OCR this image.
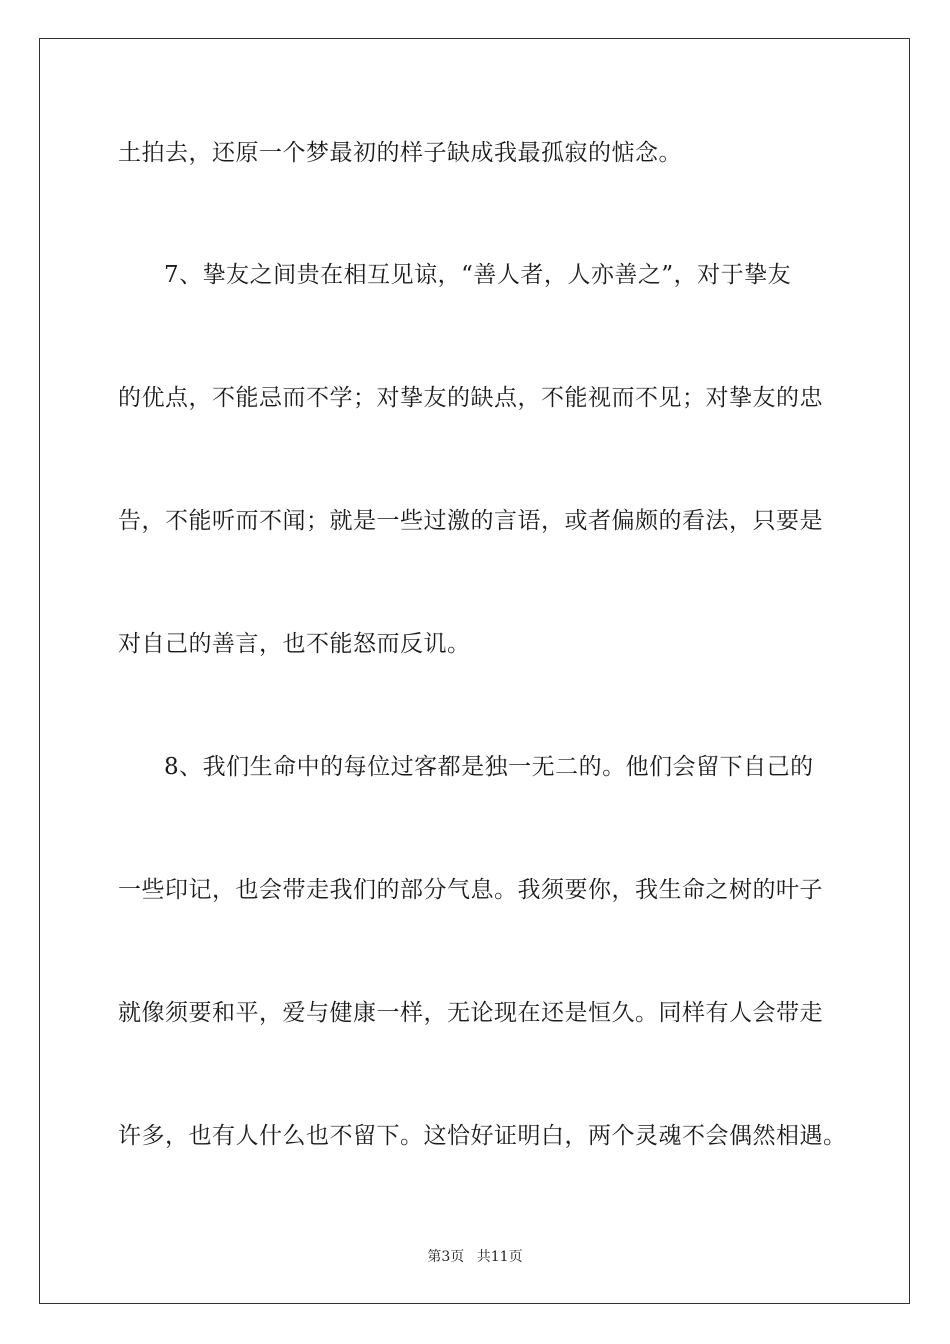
土拍去，还原一个梦最初的样子缺成我最孤寂的惦念。
7、挚友之间贵在相互见谅，“善人者，人亦善之”，对于挚友
的优点，不能忌而不学；对挚友的缺点，不能视而不见；对挚友的忠
告，不能听而不闻；就是一些过激的言语，或者偏颇的看法，只要是
对自己的善言，也不能怒而反讥。
8、我们生命中的每位过客都是独一无二的。他们会留下自己的
一些印记，也会带走我们的部分气息。我须要你，我生命之树的叶子
就像须要和平，爱与健康一样，无论现在还是恒久。同样有人会带走
许多，也有人什么也不留下。这恰好证明白，两个灵魂不会偶然相遇。
第3页 共11页
